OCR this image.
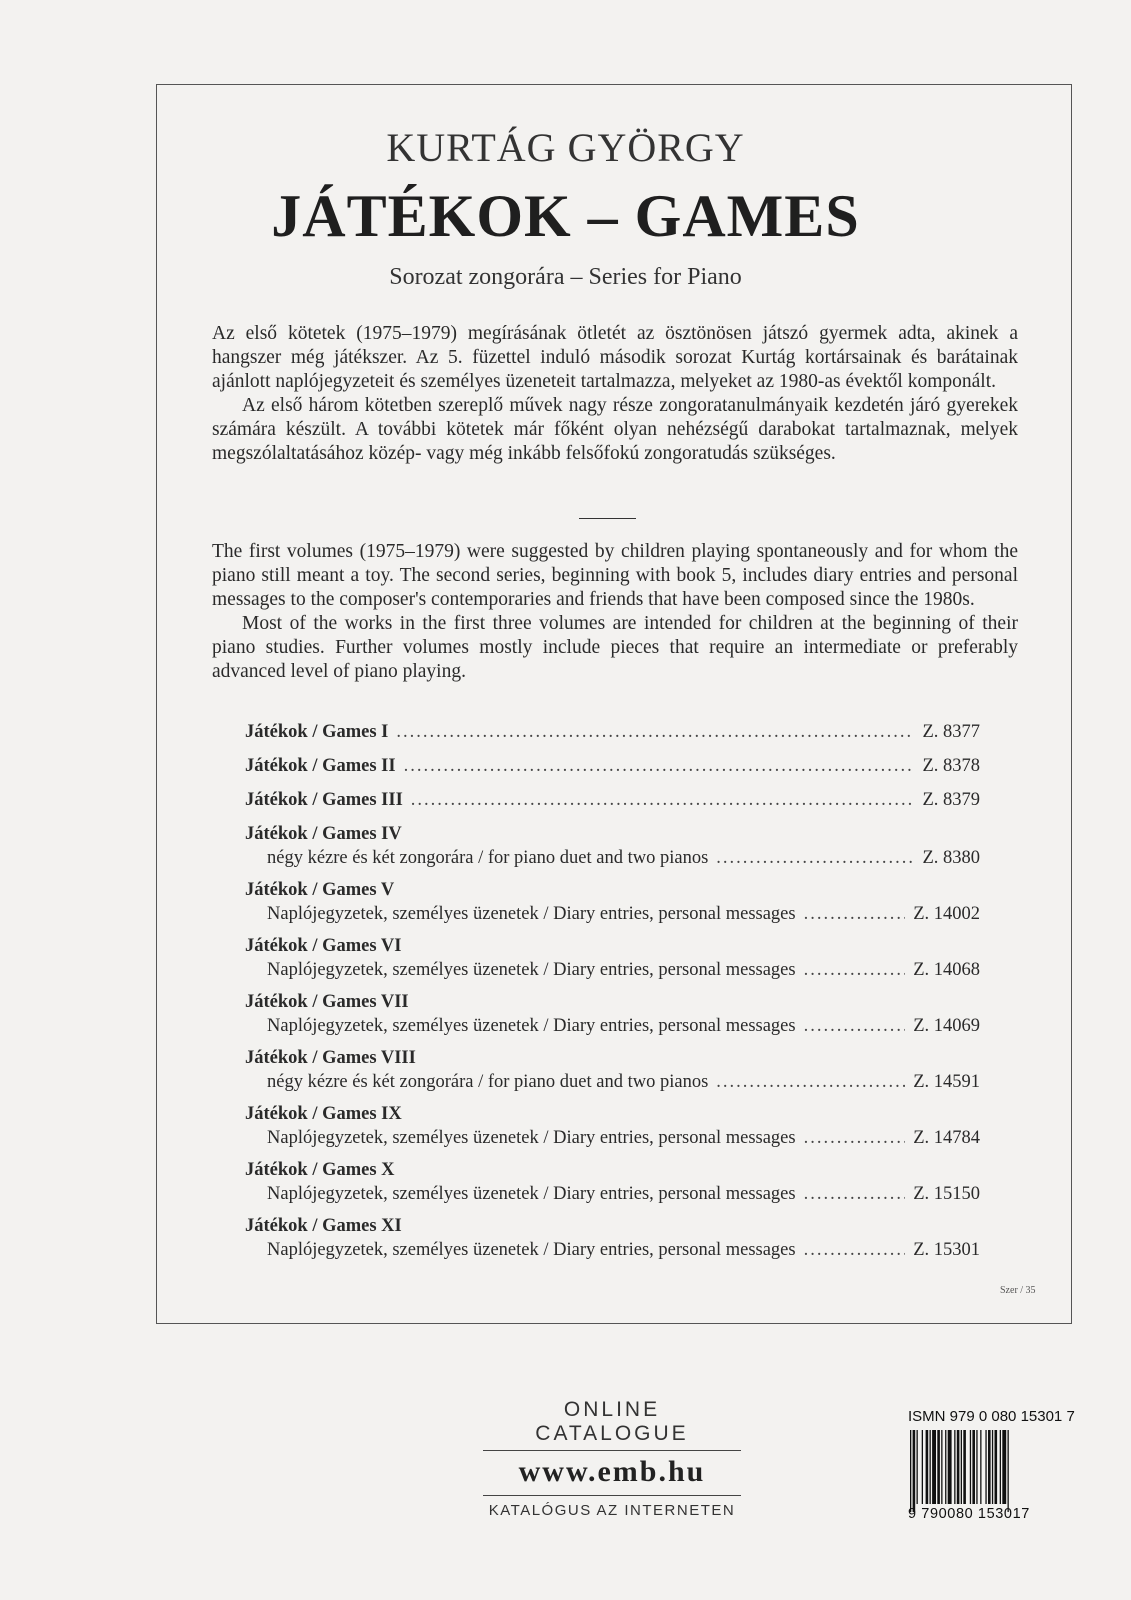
KURTÁG GYÖRGY
JÁTÉKOK – GAMES
Sorozat zongorára – Series for Piano
Az első kötetek (1975–1979) megírásának ötletét az ösztönösen játszó gyermek adta, akinek a hangszer még játékszer. Az 5. füzettel induló második sorozat Kurtág kortársainak és barátainak ajánlott naplójegyzeteit és személyes üzeneteit tartalmazza, melyeket az 1980-as évektől komponált.
Az első három kötetben szereplő művek nagy része zongoratanulmányaik kezdetén járó gyerekek számára készült. A további kötetek már főként olyan nehézségű darabokat tartalmaznak, melyek megszólaltatásához közép- vagy még inkább felsőfokú zongoratudás szükséges.
The first volumes (1975–1979) were suggested by children playing spontaneously and for whom the piano still meant a toy. The second series, beginning with book 5, includes diary entries and personal messages to the composer's contemporaries and friends that have been composed since the 1980s.
Most of the works in the first three volumes are intended for children at the beginning of their piano studies. Further volumes mostly include pieces that require an intermediate or preferably advanced level of piano playing.
Játékok / Games I .....	Z. 8377
Játékok / Games II .....	Z. 8378
Játékok / Games III .....	Z. 8379
Játékok / Games IV
négy kézre és két zongorára / for piano duet and two pianos .....	Z. 8380
Játékok / Games V
Naplójegyzetek, személyes üzenetek / Diary entries, personal messages .....	Z. 14002
Játékok / Games VI
Naplójegyzetek, személyes üzenetek / Diary entries, personal messages .....	Z. 14068
Játékok / Games VII
Naplójegyzetek, személyes üzenetek / Diary entries, personal messages .....	Z. 14069
Játékok / Games VIII
négy kézre és két zongorára / for piano duet and two pianos .....	Z. 14591
Játékok / Games IX
Naplójegyzetek, személyes üzenetek / Diary entries, personal messages .....	Z. 14784
Játékok / Games X
Naplójegyzetek, személyes üzenetek / Diary entries, personal messages .....	Z. 15150
Játékok / Games XI
Naplójegyzetek, személyes üzenetek / Diary entries, personal messages .....	Z. 15301
Szer / 35
ONLINE CATALOGUE
www.emb.hu
KATALÓGUS AZ INTERNETEN
ISMN 979 0 080 15301 7
9 790080 153017
